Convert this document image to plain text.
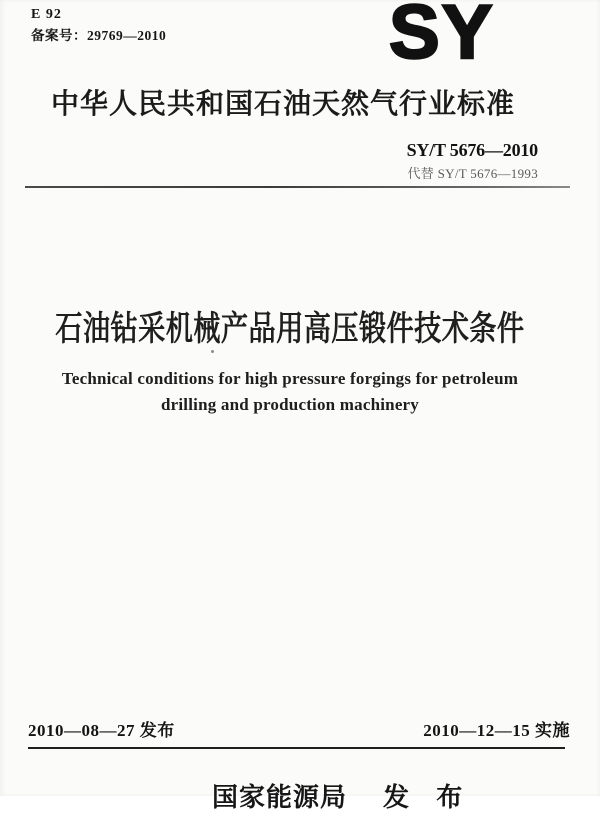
E 92
备案号：29769—2010	SY
中华人民共和国石油天然气行业标准
SY/T 5676—2010
代替 SY/T 5676—1993
石油钻采机械产品用高压锻件技术条件
Technical conditions for high pressure forgings for petroleum
drilling and production machinery
2010—08—27 发布	2010—12—15 实施
国家能源局 发 布
